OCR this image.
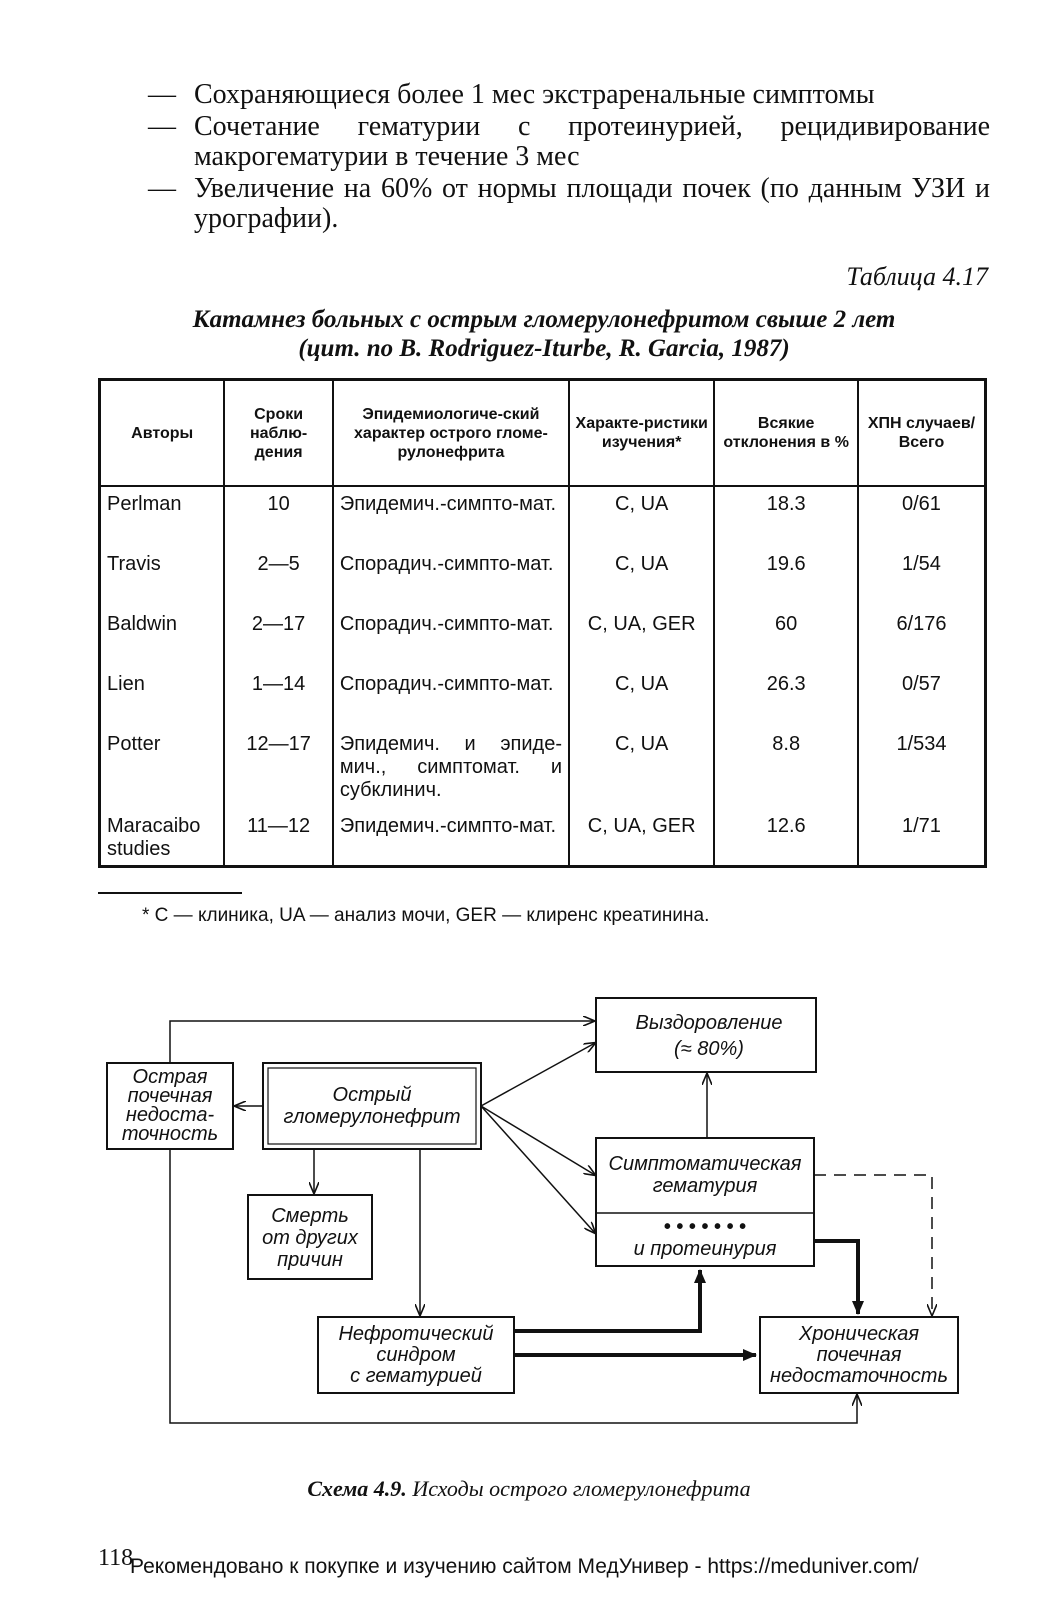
— Сохраняющиеся более 1 мес экстраренальные симптомы
— Сочетание гематурии с протеинурией, рецидивирование макрогематурии в течение 3 мес
— Увеличение на 60% от нормы площади почек (по данным УЗИ и урографии).
Таблица 4.17
Катамнез больных с острым гломерулонефритом свыше 2 лет
(цит. по B. Rodriguez-Iturbe, R. Garcia, 1987)
Авторы	Сроки наблю-дения	Эпидемиологиче-ский характер острого гломе-рулонефрита	Характе-ристики изучения*	Всякие отклонения в %	ХПН случаев/ Всего
Perlman	10	Эпидемич.-симпто-мат.	C, UA	18.3	0/61
Travis	2—5	Спорадич.-симпто-мат.	C, UA	19.6	1/54
Baldwin	2—17	Спорадич.-симпто-мат.	C, UA, GER	60	6/176
Lien	1—14	Спорадич.-симпто-мат.	C, UA	26.3	0/57
Potter	12—17	Эпидемич. и эпиде-мич., симптомат. и субклинич.	C, UA	8.8	1/534
Maracaibo studies	11—12	Эпидемич.-симпто-мат.	C, UA, GER	12.6	1/71
* C — клиника, UA — анализ мочи, GER — клиренс креатинина.
Выздоровление
(≈ 80%)
Острая
почечная
недоста-
точность
Острый
гломерулонефрит
Симптоматическая
гематурия
• • • • • • •
и протеинурия
Смерть
от других
причин
Нефротический
синдром
с гематурией
Хроническая
почечная
недостаточность
Схема 4.9. Исходы острого гломерулонефрита
118
Рекомендовано к покупке и изучению сайтом МедУнивер - https://meduniver.com/
